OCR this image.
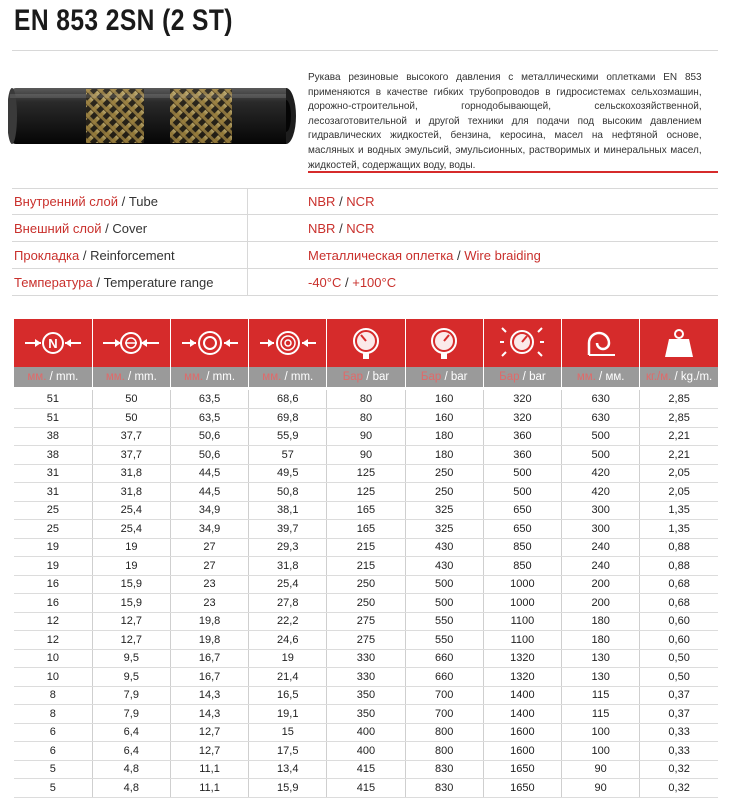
EN 853 2SN (2 ST)
Рукава резиновые высокого давления с металлическими оплетками EN 853 применяются в качестве гибких трубопроводов в гидросистемах сельхозмашин, дорожно-строительной, горнодобывающей, сельскохозяйственной, лесозаготовительной и другой техники для подачи под высоким давлением гидравлических жидкостей, бензина, керосина, масел на нефтяной основе, масляных и водных эмульсий, эмульсионных, растворимых и минеральных масел, жидкостей, содержащих воду, воды.
Внутренний слой / Tube	NBR / NCR
Внешний слой / Cover	NBR / NCR
Прокладка / Reinforcement	Металлическая оплетка / Wire braiding
Температура / Temperature range	-40°C / +100°C
N

мм. / mm.	мм. / mm.	мм. / mm.	мм. / mm.	Бар / bar	Бар / bar	Бар / bar	мм. / мм.	кг./м. / kg./m.

51	50	63,5	68,6	80	160	320	630	2,85
51	50	63,5	69,8	80	160	320	630	2,85
38	37,7	50,6	55,9	90	180	360	500	2,21
38	37,7	50,6	57	90	180	360	500	2,21
31	31,8	44,5	49,5	125	250	500	420	2,05
31	31,8	44,5	50,8	125	250	500	420	2,05
25	25,4	34,9	38,1	165	325	650	300	1,35
25	25,4	34,9	39,7	165	325	650	300	1,35
19	19	27	29,3	215	430	850	240	0,88
19	19	27	31,8	215	430	850	240	0,88
16	15,9	23	25,4	250	500	1000	200	0,68
16	15,9	23	27,8	250	500	1000	200	0,68
12	12,7	19,8	22,2	275	550	1100	180	0,60
12	12,7	19,8	24,6	275	550	1100	180	0,60
10	9,5	16,7	19	330	660	1320	130	0,50
10	9,5	16,7	21,4	330	660	1320	130	0,50
8	7,9	14,3	16,5	350	700	1400	115	0,37
8	7,9	14,3	19,1	350	700	1400	115	0,37
6	6,4	12,7	15	400	800	1600	100	0,33
6	6,4	12,7	17,5	400	800	1600	100	0,33
5	4,8	11,1	13,4	415	830	1650	90	0,32
5	4,8	11,1	15,9	415	830	1650	90	0,32
